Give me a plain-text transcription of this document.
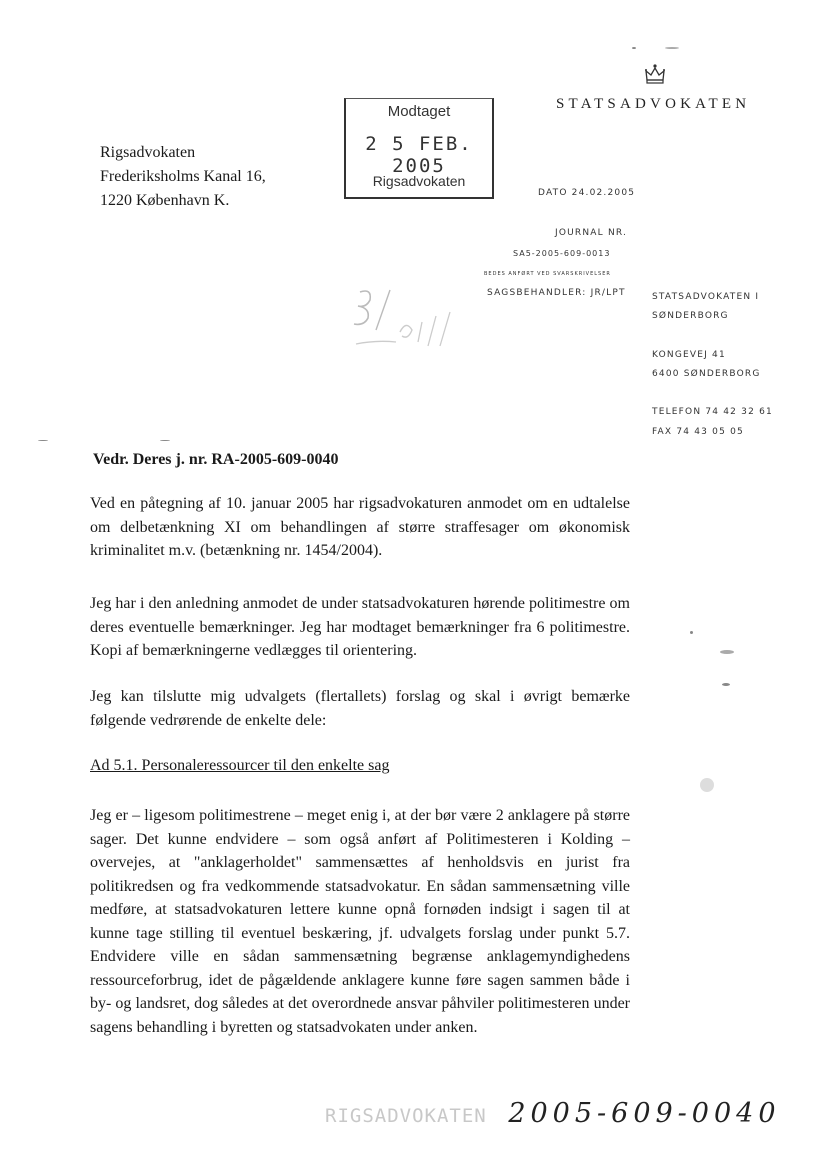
STATSADVOKATEN
Rigsadvokaten
Frederiksholms Kanal 16,
1220 København K.
Modtaget
2 5 FEB. 2005
Rigsadvokaten
DATO 24.02.2005
JOURNAL NR.
SA5-2005-609-0013
BEDES ANFØRT VED SVARSKRIVELSER
SAGSBEHANDLER: JR/LPT	STATSADVOKATEN I
SØNDERBORG
KONGEVEJ 41
6400 SØNDERBORG
TELEFON 74 42 32 61
FAX 74 43 05 05
Vedr. Deres j. nr. RA-2005-609-0040
Ved en påtegning af 10. januar 2005 har rigsadvokaturen anmodet om en udtalelse om delbetænkning XI om behandlingen af større straffesager om økonomisk kriminalitet m.v. (betænkning nr. 1454/2004).
Jeg har i den anledning anmodet de under statsadvokaturen hørende politimestre om deres eventuelle bemærkninger. Jeg har modtaget bemærkninger fra 6 politimestre. Kopi af bemærkningerne vedlægges til orientering.
Jeg kan tilslutte mig udvalgets (flertallets) forslag og skal i øvrigt bemærke følgende vedrørende de enkelte dele:
Ad 5.1. Personaleressourcer til den enkelte sag
Jeg er – ligesom politimestrene – meget enig i, at der bør være 2 anklagere på større sager. Det kunne endvidere – som også anført af Politimesteren i Kolding – overvejes, at "anklagerholdet" sammensættes af henholdsvis en jurist fra politikredsen og fra vedkommende statsadvokatur. En sådan sammensætning ville medføre, at statsadvokaturen lettere kunne opnå fornøden indsigt i sagen til at kunne tage stilling til eventuel beskæring, jf. udvalgets forslag under punkt 5.7. Endvidere ville en sådan sammensætning begrænse anklagemyndighedens ressourceforbrug, idet de pågældende anklagere kunne føre sagen sammen både i by- og landsret, dog således at det overordnede ansvar påhviler politimesteren under sagens behandling i byretten og statsadvokaten under anken.
RIGSADVOKATEN 2005-609-0040
